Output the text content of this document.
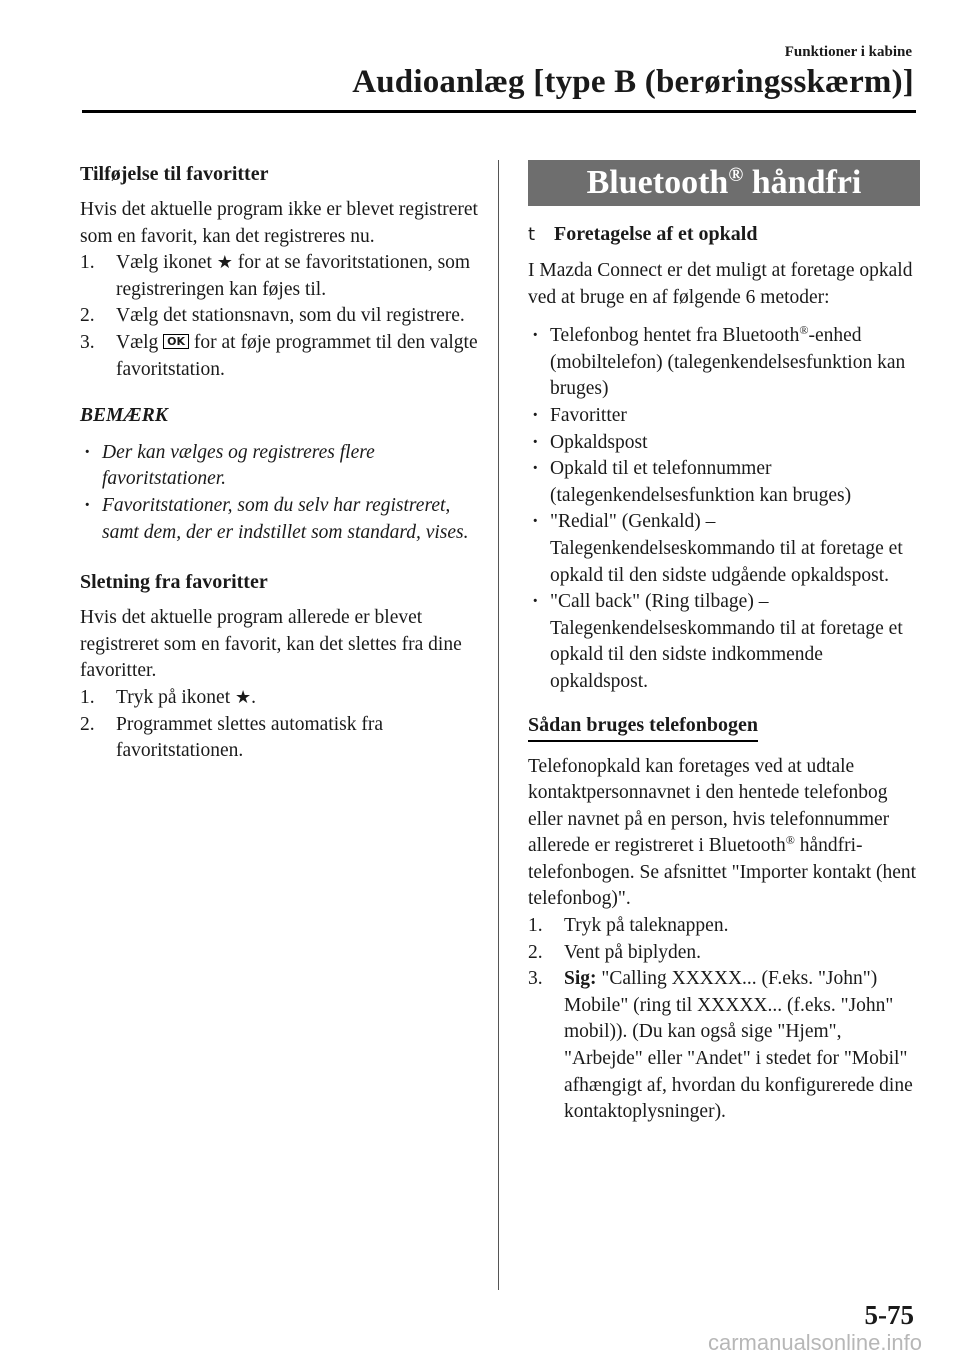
Funktioner i kabine
Audioanlæg [type B (berøringsskærm)]
Tilføjelse til favoritter

Hvis det aktuelle program ikke er blevet registreret som en favorit, kan det registreres nu.

1. Vælg ikonet ★ for at se favoritstationen, som registreringen kan føjes til.
2. Vælg det stationsnavn, som du vil registrere.
3. Vælg OK for at føje programmet til den valgte favoritstation.
BEMÆRK
· Der kan vælges og registreres flere favoritstationer.
· Favoritstationer, som du selv har registreret, samt dem, der er indstillet som standard, vises.
Sletning fra favoritter

Hvis det aktuelle program allerede er blevet registreret som en favorit, kan det slettes fra dine favoritter.

1. Tryk på ikonet ★.
2. Programmet slettes automatisk fra favoritstationen.
Bluetooth® håndfri
t Foretagelse af et opkald

I Mazda Connect er det muligt at foretage opkald ved at bruge en af følgende 6 metoder:

· Telefonbog hentet fra Bluetooth®-enhed (mobiltelefon) (talegenkendelsesfunktion kan bruges)
· Favoritter
· Opkaldspost
· Opkald til et telefonnummer (talegenkendelsesfunktion kan bruges)
· "Redial" (Genkald) – Talegenkendelseskommando til at foretage et opkald til den sidste udgående opkaldspost.
· "Call back" (Ring tilbage) – Talegenkendelseskommando til at foretage et opkald til den sidste indkommende opkaldspost.
Sådan bruges telefonbogen

Telefonopkald kan foretages ved at udtale kontaktpersonnavnet i den hentede telefonbog eller navnet på en person, hvis telefonnummer allerede er registreret i Bluetooth® håndfri-telefonbogen. Se afsnittet "Importer kontakt (hent telefonbog)".

1. Tryk på taleknappen.
2. Vent på biplyden.
3. Sig: "Calling XXXXX... (F.eks. "John") Mobile" (ring til XXXXX... (f.eks. "John" mobil)). (Du kan også sige "Hjem", "Arbejde" eller "Andet" i stedet for "Mobil" afhængigt af, hvordan du konfigurerede dine kontaktoplysninger).
5-75
carmanualsonline.info
